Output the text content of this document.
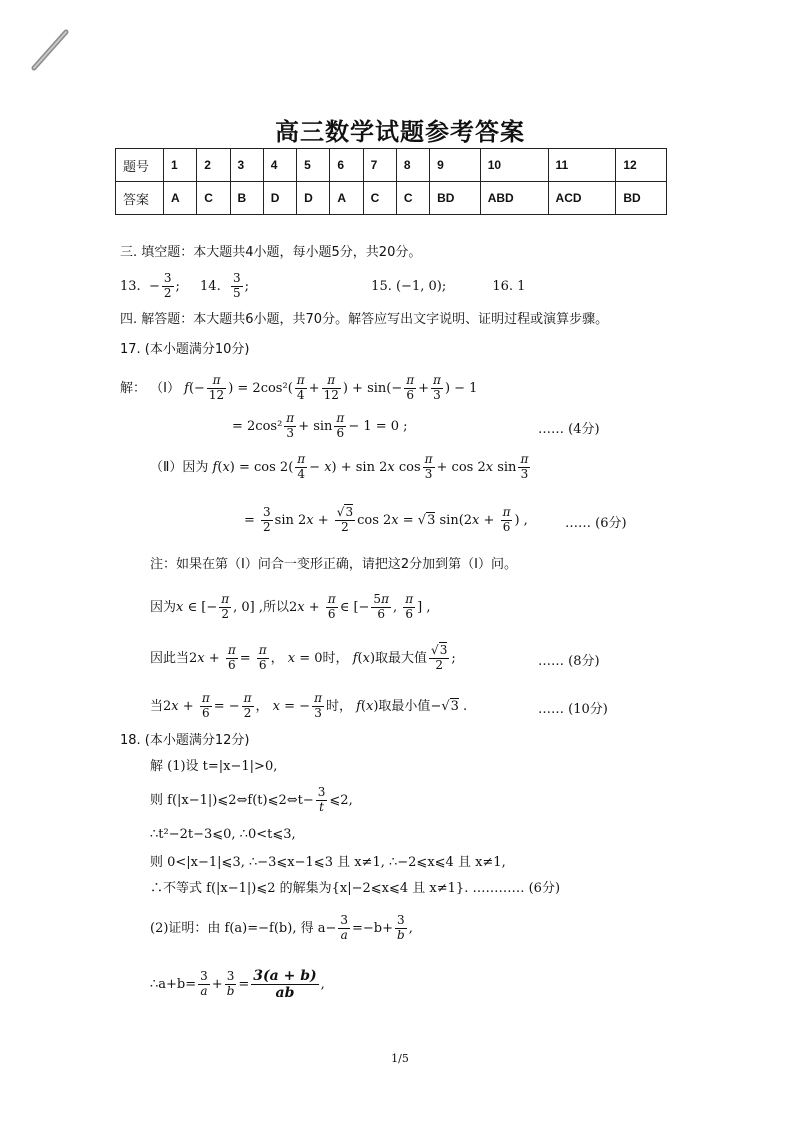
高三数学试题参考答案
题号	1	2	3	4	5	6	7	8	9	10	11	12
答案	A	C	B	D	D	A	C	C	BD	ABD	ACD	BD
三. 填空题：本大题共4小题，每小题5分，共20分。
13.  − $\frac{3}{2}$ ; 14. $\frac{3}{5}$ ;	15. (−1, 0);	16. 1
四. 解答题：本大题共6小题，共70分。解答应写出文字说明、证明过程或演算步骤。
17. (本小题满分10分)
解： （Ⅰ） $f(- \frac{\pi}{12}$ ) = $2\cos^2( \frac{\pi}{4} + \frac{\pi}{12}$ ) + $\sin(- \frac{\pi}{6} + \frac{\pi}{3}$ ) − 1
= $2\cos^2 \frac{\pi}{3} + \sin \frac{\pi}{6} - 1 = 0$ ;	…… (4分)
（Ⅱ）因为 $f(x) = \cos 2( \frac{\pi}{4} - x) + \sin 2x$ $\cos \frac{\pi}{3} + \cos 2x$ $\sin \frac{\pi}{3}$
= $\frac{3}{2}$ $\sin 2x + \frac{√3}{2}$ cos 2x = √3 $\sin(2x + \frac{\pi}{6}$ ) ,	…… (6分)
注：如果在第（Ⅰ）问合一变形正确，请把这2分加到第（Ⅰ）问。
因为x ∈ [− $\frac{\pi}{2}$ , 0] ,所以$2x + \frac{\pi}{6}$ ∈ [− $\frac{5\pi}{6}$ , $\frac{\pi}{6}$ ] ,
因此当$2x + \frac{\pi}{6} = \frac{\pi}{6}$ ， x = 0时， f(x)取最大值 $\frac{√3}{2}$ ;	…… (8分)
当$2x + \frac{\pi}{6}$ = − $\frac{\pi}{2}$ ， x = − $\frac{\pi}{3}$ 时， f(x)取最小值−√3 .	…… (10分)
18. (本小题满分12分)
解 (1)设 t=|x−1|>0,
则 f(|x−1|)⩽2⇔f(t)⩽2⇔t− $\frac{3}{t}$ ⩽2,
∴t²−2t−3⩽0, ∴0<t⩽3,
则 0<|x−1|⩽3, ∴−3⩽x−1⩽3 且 x≠1, ∴−2⩽x⩽4 且 x≠1,
∴不等式 f(|x−1|)⩽2 的解集为{x|−2⩽x⩽4 且 x≠1}. ………… (6分)
(2)证明：由 f(a)=−f(b), 得 $a- \frac{3}{a} =-b+ \frac{3}{b}$ ,
∴a+b= $\frac{3}{a} + \frac{3}{b} = \frac{3(a + b)}{ab}$ ,
1/5
